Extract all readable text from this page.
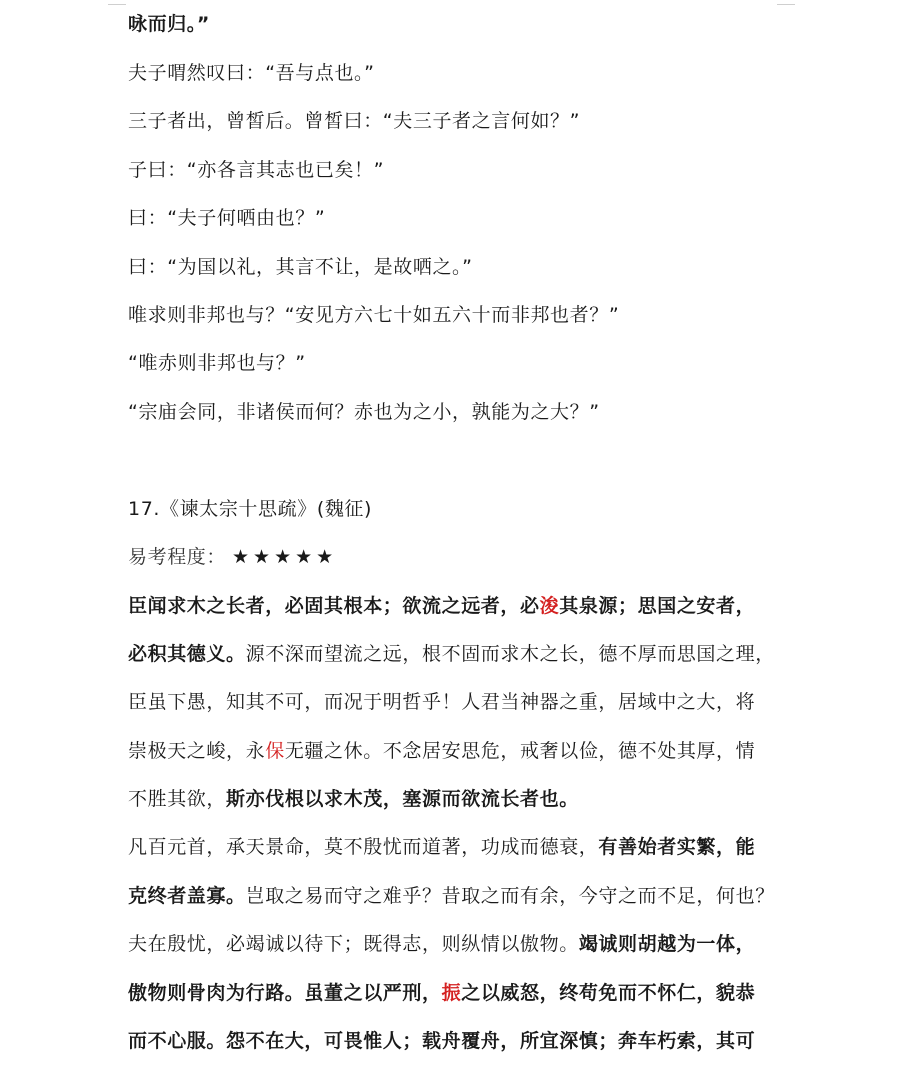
咏而归。”
夫子喟然叹曰：“吾与点也。”
三子者出，曾皙后。曾皙曰：“夫三子者之言何如？”
子曰：“亦各言其志也已矣！”
曰：“夫子何哂由也？”
曰：“为国以礼，其言不让，是故哂之。”
唯求则非邦也与？“安见方六七十如五六十而非邦也者？”
“唯赤则非邦也与？”
“宗庙会同，非诸侯而何？赤也为之小，孰能为之大？”
17.《谏太宗十思疏》(魏征)
易考程度： ★★★★★
臣闻求木之长者，必固其根本；欲流之远者，必浚其泉源；思国之安者，
必积其德义。源不深而望流之远，根不固而求木之长，德不厚而思国之理，
臣虽下愚，知其不可，而况于明哲乎！人君当神器之重，居域中之大，将
崇极天之峻，永保无疆之休。不念居安思危，戒奢以俭，德不处其厚，情
不胜其欲，斯亦伐根以求木茂，塞源而欲流长者也。
凡百元首，承天景命，莫不殷忧而道著，功成而德衰，有善始者实繁，能
克终者盖寡。岂取之易而守之难乎？昔取之而有余，今守之而不足，何也？
夫在殷忧，必竭诚以待下；既得志，则纵情以傲物。竭诚则胡越为一体，
傲物则骨肉为行路。虽董之以严刑，振之以威怒，终苟免而不怀仁，貌恭
而不心服。怨不在大，可畏惟人；载舟覆舟，所宜深慎；奔车朽索，其可
